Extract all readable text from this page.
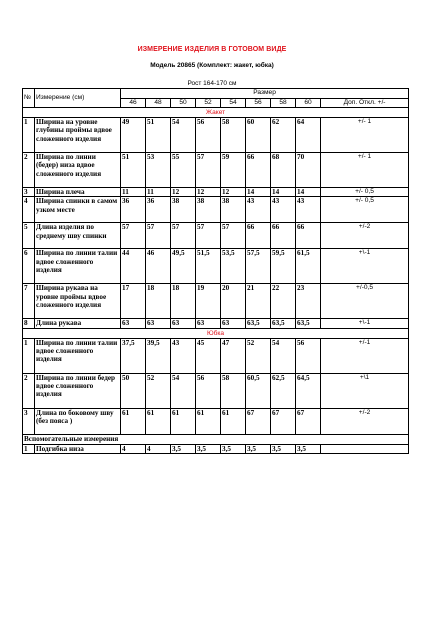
ИЗМЕРЕНИЕ ИЗДЕЛИЯ В ГОТОВОМ ВИДЕ
Модель 20865 (Комплект: жакет, юбка)
Рост 164-170 см
№	Измерение (см)	Размер								
		46	48	50	52	54	56	58	60	Доп. Откл. +/-
Жакет										
1	Ширина на уровне глубины проймы вдвое сложенного изделия	49	51	54	56	58	60	62	64	+/- 1
2	Ширина по линии (бедер) низа вдвое сложенного изделия	51	53	55	57	59	66	68	70	+/- 1
3	Ширина плеча	11	11	12	12	12	14	14	14	+/- 0,5
4	Ширина спинки в самом узком месте	36	36	38	38	38	43	43	43	+/- 0,5
5	Длина изделия по среднему шву спинки	57	57	57	57	57	66	66	66	+/-2
6	Ширина по линии талии вдвое сложенного изделия	44	46	49,5	51,5	53,5	57,5	59,5	61,5	+\-1
7	Ширина рукава на уровне проймы вдвое сложенного изделия	17	18	18	19	20	21	22	23	+/-0,5
8	Длина рукава	63	63	63	63	63	63,5	63,5	63,5	+\-1
Юбка										
1	Ширина по линии талии вдвое сложенного изделия	37,5	39,5	43	45	47	52	54	56	+/-1
2	Ширина по линии бедер вдвое сложенного изделия	50	52	54	56	58	60,5	62,5	64,5	+\1
3	Длина по боковому шву (без пояса )	61	61	61	61	61	67	67	67	+/-2
Вспомогательные измерения										
1	Подгибка низа	4	4	3,5	3,5	3,5	3,5	3,5	3,5	
